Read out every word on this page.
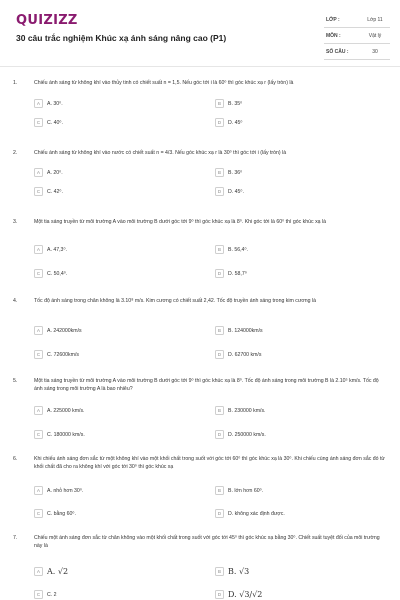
QUIZIZZ
30 câu trắc nghiệm Khúc xạ ánh sáng nâng cao (P1)
LỚP :	Lớp 11
MÔN :	Vật lý
SỐ CÂU :	30
1.	Chiếu ánh sáng từ không khí vào thủy tinh có chiết suất n = 1,5. Nếu góc tới i là 60⁰ thì góc khúc xạ r (lấy tròn) là
A	A. 30⁰.	B	B. 35⁰
C	C. 40⁰.	D	D. 45⁰
2.	Chiếu ánh sáng từ không khí vào nước có chiết suất n = 4/3. Nếu góc khúc xạ r là 30⁰ thì góc tới i (lấy tròn) là
A	A. 20⁰.	B	B. 36⁰
C	C. 42⁰.	D	D. 45⁰.
3.	Một tia sáng truyền từ môi trường A vào môi trường B dưới góc tới 9⁰ thì góc khúc xạ là 8⁰. Khi góc tới là 60⁰ thì góc khúc xạ là
A	A. 47,3⁰.	B	B. 56,4⁰.
C	C. 50,4⁰.	D	D. 58,7⁰
4.	Tốc độ ánh sáng trong chân không là 3.10⁸ m/s. Kim cương có chiết suất 2,42. Tốc độ truyền ánh sáng trong kim cương là
A	A. 242000km/s	B	B. 124000km/s
C	C. 72600km/s	D	D. 62700 km/s
5.	Một tia sáng truyền từ môi trường A vào môi trường B dưới góc tới 9⁰ thì góc khúc xạ là 8⁰. Tốc độ ánh sáng trong môi trường B là 2.10⁵ km/s. Tốc độ ánh sáng trong môi trường A là bao nhiêu?
A	A. 225000 km/s.	B	B. 230000 km/s.
C	C. 180000 km/s.	D	D. 250000 km/s.
6.	Khi chiếu ánh sáng đơn sắc từ một không khí vào một khối chất trong suốt với góc tới 60⁰ thì góc khúc xạ là 30⁰. Khi chiếu cùng ánh sáng đơn sắc đó từ khối chất đã cho ra không khí với góc tới 30⁰ thì góc khúc xạ
A	A. nhỏ hơn 30⁰.	B	B. lớn hơn 60⁰.
C	C. bằng 60⁰.	D	D. không xác định được.
7.	Chiếu một ánh sáng đơn sắc từ chân không vào một khối chất trong suốt với góc tới 45⁰ thì góc khúc xạ bằng 30⁰. Chiết suất tuyệt đối của môi trường này là
A A. √2	B B. √3
C	C. 2	D D. √3/√2
